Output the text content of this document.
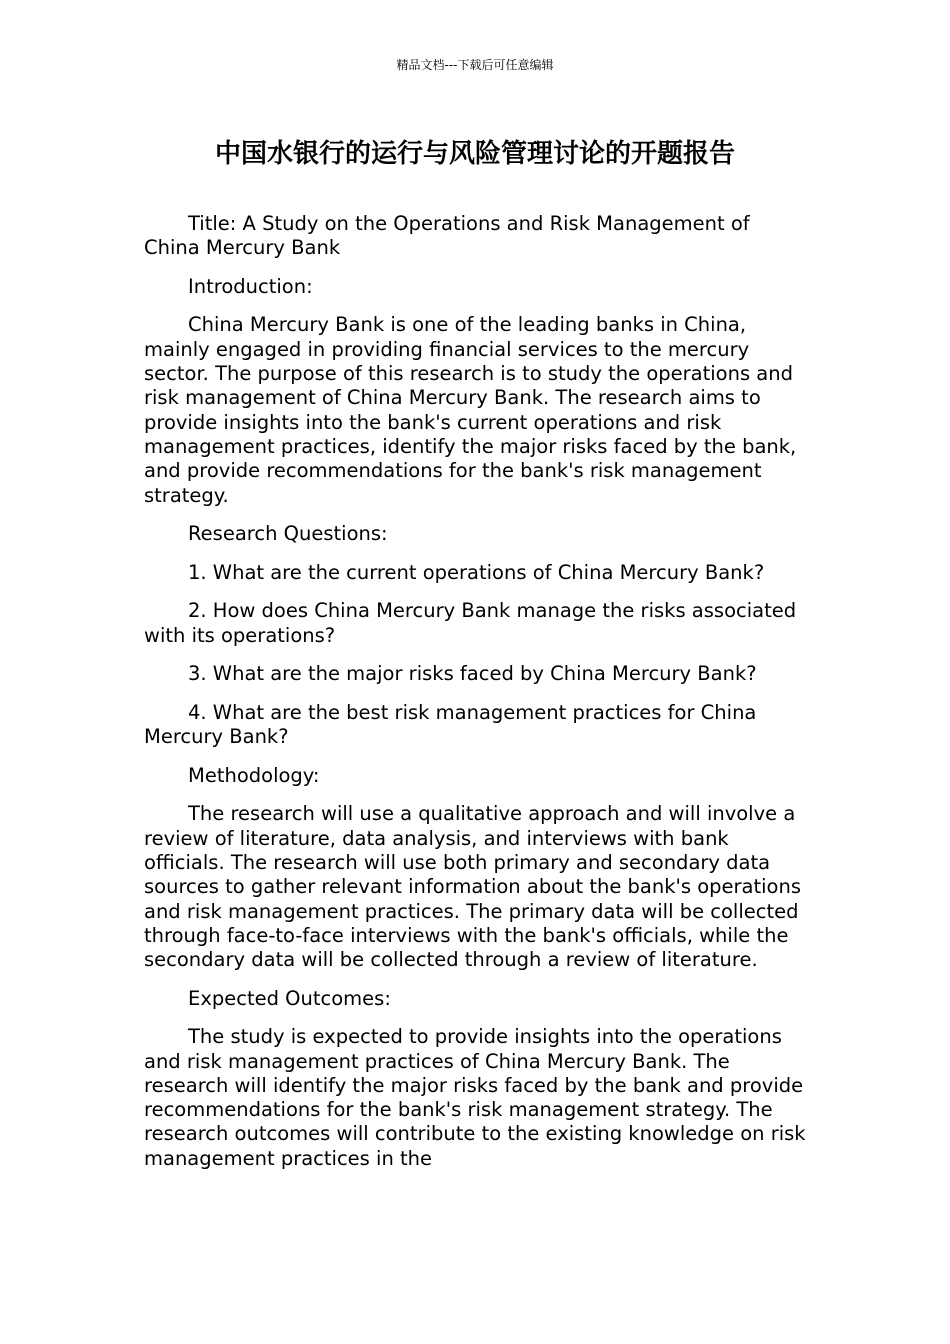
精品文档---下载后可任意编辑
中国水银行的运行与风险管理讨论的开题报告

Title: A Study on the Operations and Risk Management of China Mercury Bank

Introduction:

China Mercury Bank is one of the leading banks in China, mainly engaged in providing financial services to the mercury sector. The purpose of this research is to study the operations and risk management of China Mercury Bank. The research aims to provide insights into the bank's current operations and risk management practices, identify the major risks faced by the bank, and provide recommendations for the bank's risk management strategy.

Research Questions:

1. What are the current operations of China Mercury Bank?

2. How does China Mercury Bank manage the risks associated with its operations?

3. What are the major risks faced by China Mercury Bank?

4. What are the best risk management practices for China Mercury Bank?

Methodology:

The research will use a qualitative approach and will involve a review of literature, data analysis, and interviews with bank officials. The research will use both primary and secondary data sources to gather relevant information about the bank's operations and risk management practices. The primary data will be collected through face-to-face interviews with the bank's officials, while the secondary data will be collected through a review of literature.

Expected Outcomes:

The study is expected to provide insights into the operations and risk management practices of China Mercury Bank. The research will identify the major risks faced by the bank and provide recommendations for the bank's risk management strategy. The research outcomes will contribute to the existing knowledge on risk management practices in the
